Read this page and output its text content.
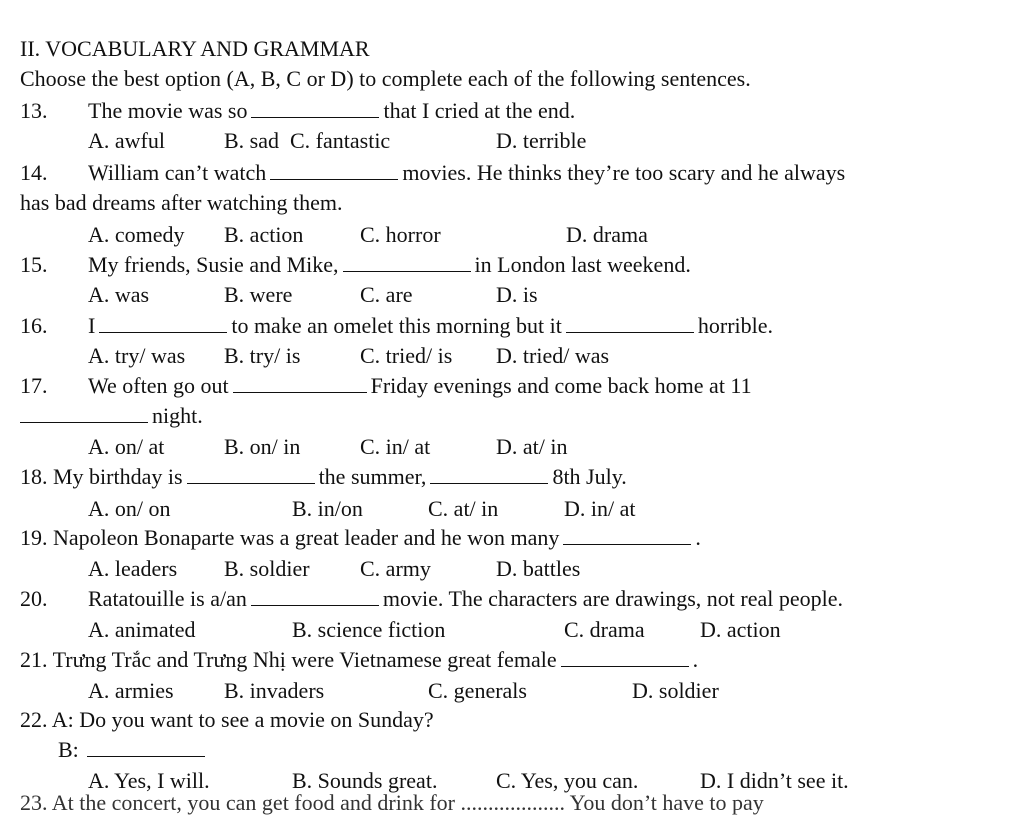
II. VOCABULARY AND GRAMMAR
Choose the best option (A, B, C or D) to complete each of the following sentences.
13. The movie was so	that I cried at the end.
A. awful	B. sad C. fantastic	D. terrible
14. William can’t watch	movies. He thinks they’re too scary and he always
has bad dreams after watching them.
A. comedy B. action	C. horror	D. drama
15. My friends, Susie and Mike,	in London last weekend.
A. was	B. were	C. are	D. is
16. I	to make an omelet this morning but it	horrible.
A. try/ was B. try/ is	C. tried/ is D. tried/ was
17. We often go out	Friday evenings and come back home at 11
night.
A. on/ at	B. on/ in	C. in/ at	D. at/ in
18. My birthday is	the summer,	8th July.
A. on/ on	B. in/on	C. at/ in	D. in/ at
19. Napoleon Bonaparte was a great leader and he won many	.
A. leaders B. soldier C. army	D. battles
20. Ratatouille is a/an	movie. The characters are drawings, not real people.
A. animated	B. science fiction	C. drama	D. action
21. Trưng Trắc and Trưng Nhị were Vietnamese great female	.
A. armies B. invaders	C. generals	D. soldier
22. A: Do you want to see a movie on Sunday?
B:
A. Yes, I will.	B. Sounds great.	C. Yes, you can.	D. I didn’t see it.
23. At the concert, you can get food and drink for ................... You don’t have to pay
